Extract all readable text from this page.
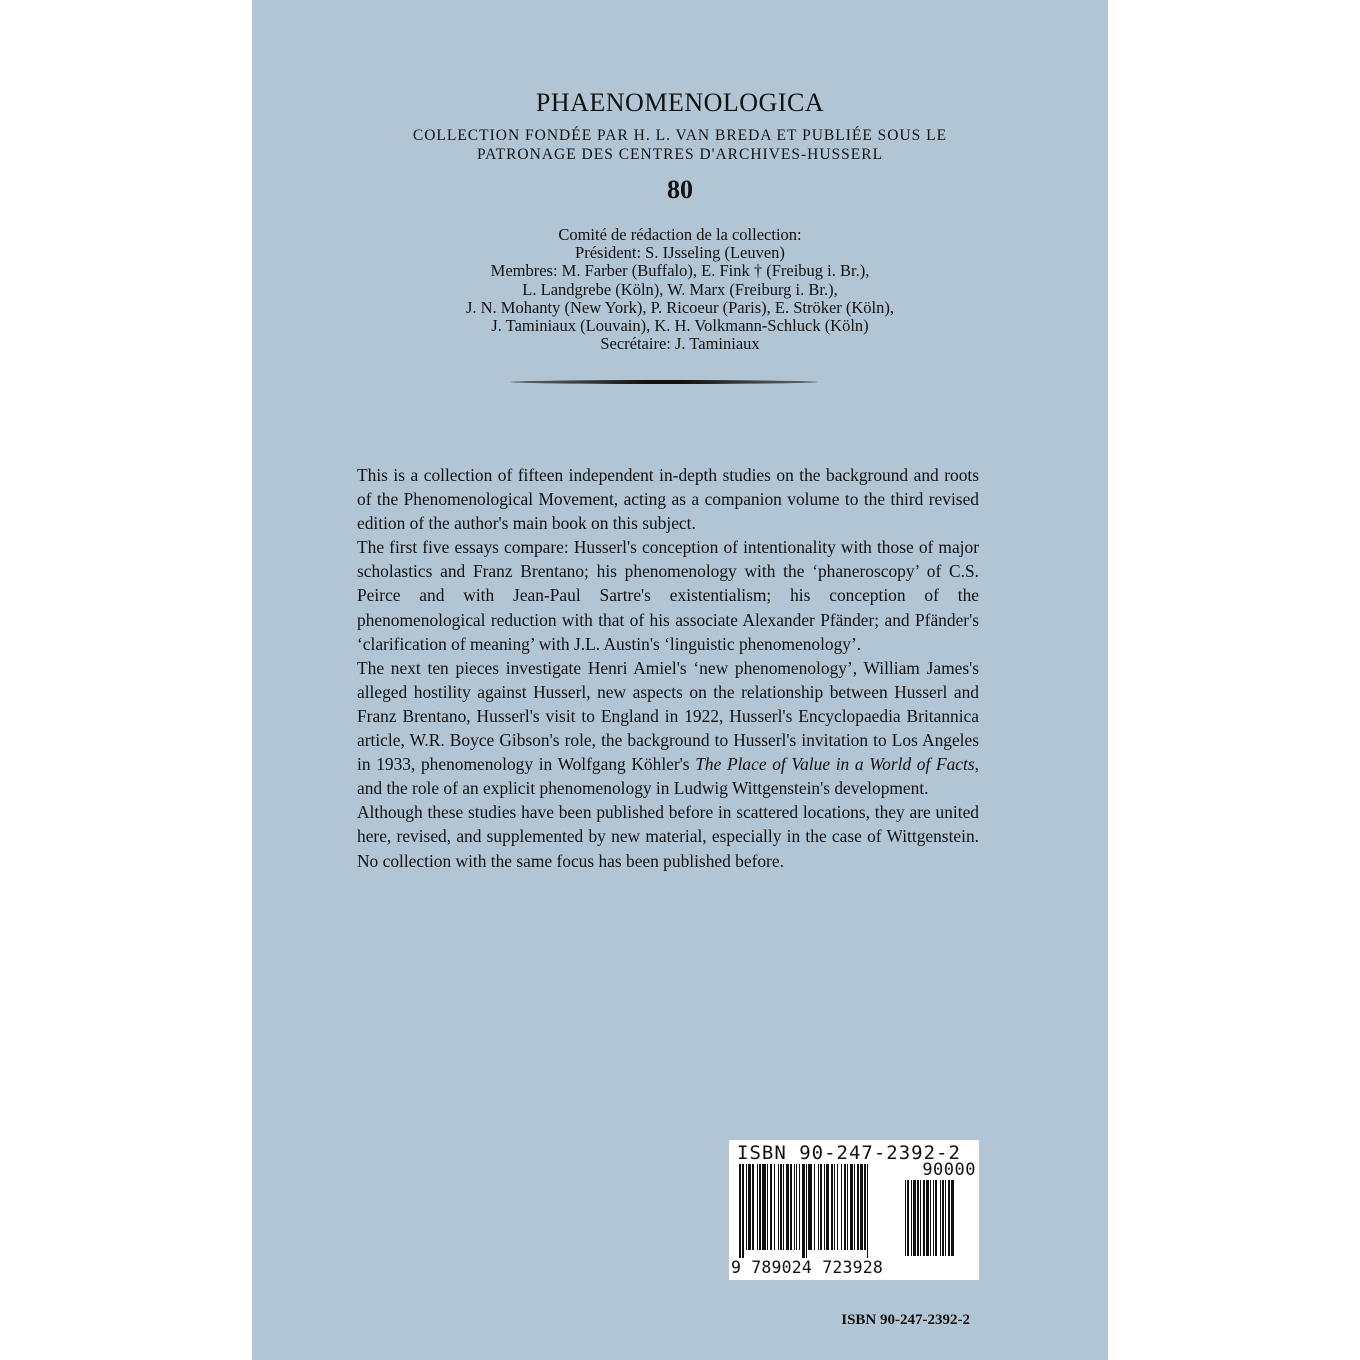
PHAENOMENOLOGICA
COLLECTION FONDÉE PAR H. L. VAN BREDA ET PUBLIÉE SOUS LE
PATRONAGE DES CENTRES D'ARCHIVES-HUSSERL
80
Comité de rédaction de la collection:
Président: S. IJsseling (Leuven)
Membres: M. Farber (Buffalo), E. Fink † (Freibug i. Br.),
L. Landgrebe (Köln), W. Marx (Freiburg i. Br.),
J. N. Mohanty (New York), P. Ricoeur (Paris), E. Ströker (Köln),
J. Taminiaux (Louvain), K. H. Volkmann-Schluck (Köln)
Secrétaire: J. Taminiaux

This is a collection of fifteen independent in-depth studies on the background and roots of the Phenomenological Movement, acting as a companion volume to the third revised edition of the author's main book on this subject.

The first five essays compare: Husserl's conception of intentionality with those of major scholastics and Franz Brentano; his phenomenology with the ‘phaneroscopy’ of C.S. Peirce and with Jean-Paul Sartre's existentialism; his conception of the phenomenological reduction with that of his associate Alexander Pfänder; and Pfänder's ‘clarification of meaning’ with J.L. Austin's ‘linguistic phenomenology’.

The next ten pieces investigate Henri Amiel's ‘new phenomenology’, William James's alleged hostility against Husserl, new aspects on the relationship between Husserl and Franz Brentano, Husserl's visit to England in 1922, Husserl's Encyclopaedia Britannica article, W.R. Boyce Gibson's role, the background to Husserl's invitation to Los Angeles in 1933, phenomenology in Wolfgang Köhler's The Place of Value in a World of Facts, and the role of an explicit phenomenology in Ludwig Wittgenstein's development.

Although these studies have been published before in scattered locations, they are united here, revised, and supplemented by new material, especially in the case of Wittgenstein. No collection with the same focus has been published before.

ISBN 90-247-2392-2
90000
9 789024 723928
ISBN 90-247-2392-2
